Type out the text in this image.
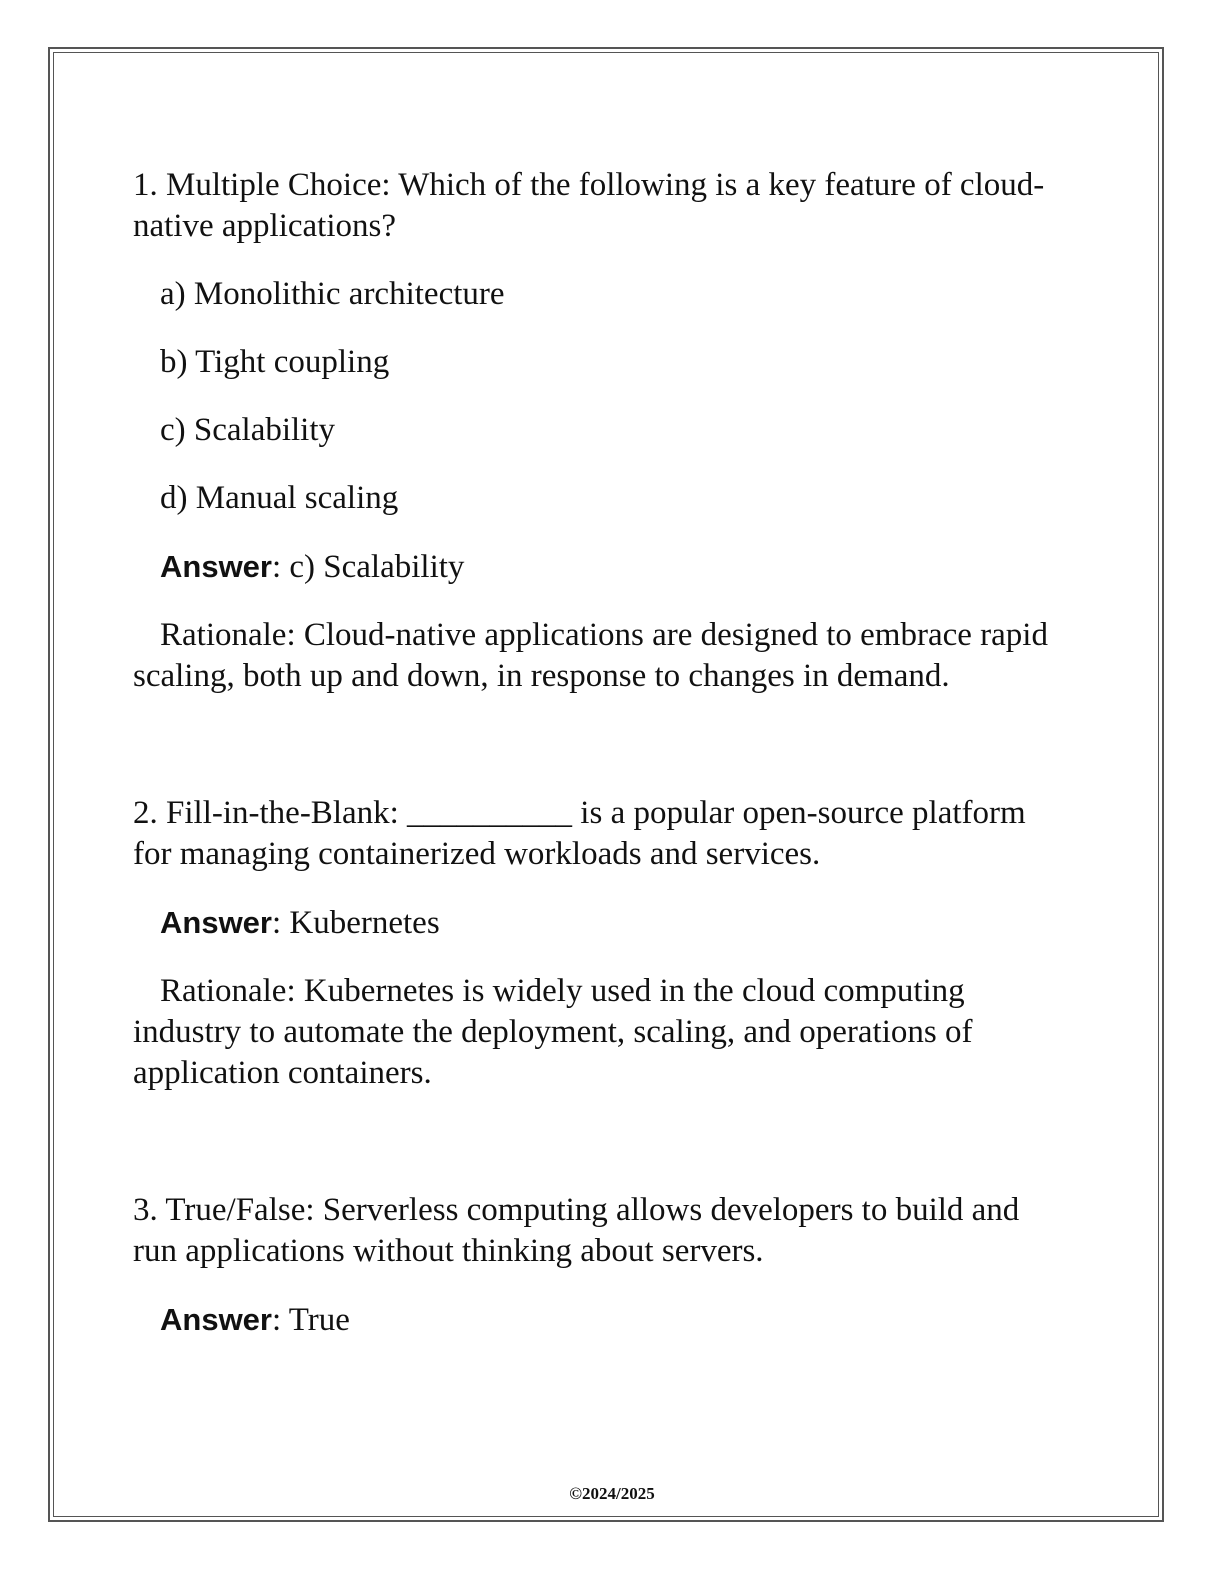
1. Multiple Choice: Which of the following is a key feature of cloud-native applications?

a) Monolithic architecture

b) Tight coupling

c) Scalability

d) Manual scaling

Answer: c) Scalability

Rationale: Cloud-native applications are designed to embrace rapid scaling, both up and down, in response to changes in demand.

2. Fill-in-the-Blank: __________ is a popular open-source platform for managing containerized workloads and services.

Answer: Kubernetes

Rationale: Kubernetes is widely used in the cloud computing industry to automate the deployment, scaling, and operations of application containers.

3. True/False: Serverless computing allows developers to build and run applications without thinking about servers.

Answer: True

©2024/2025
